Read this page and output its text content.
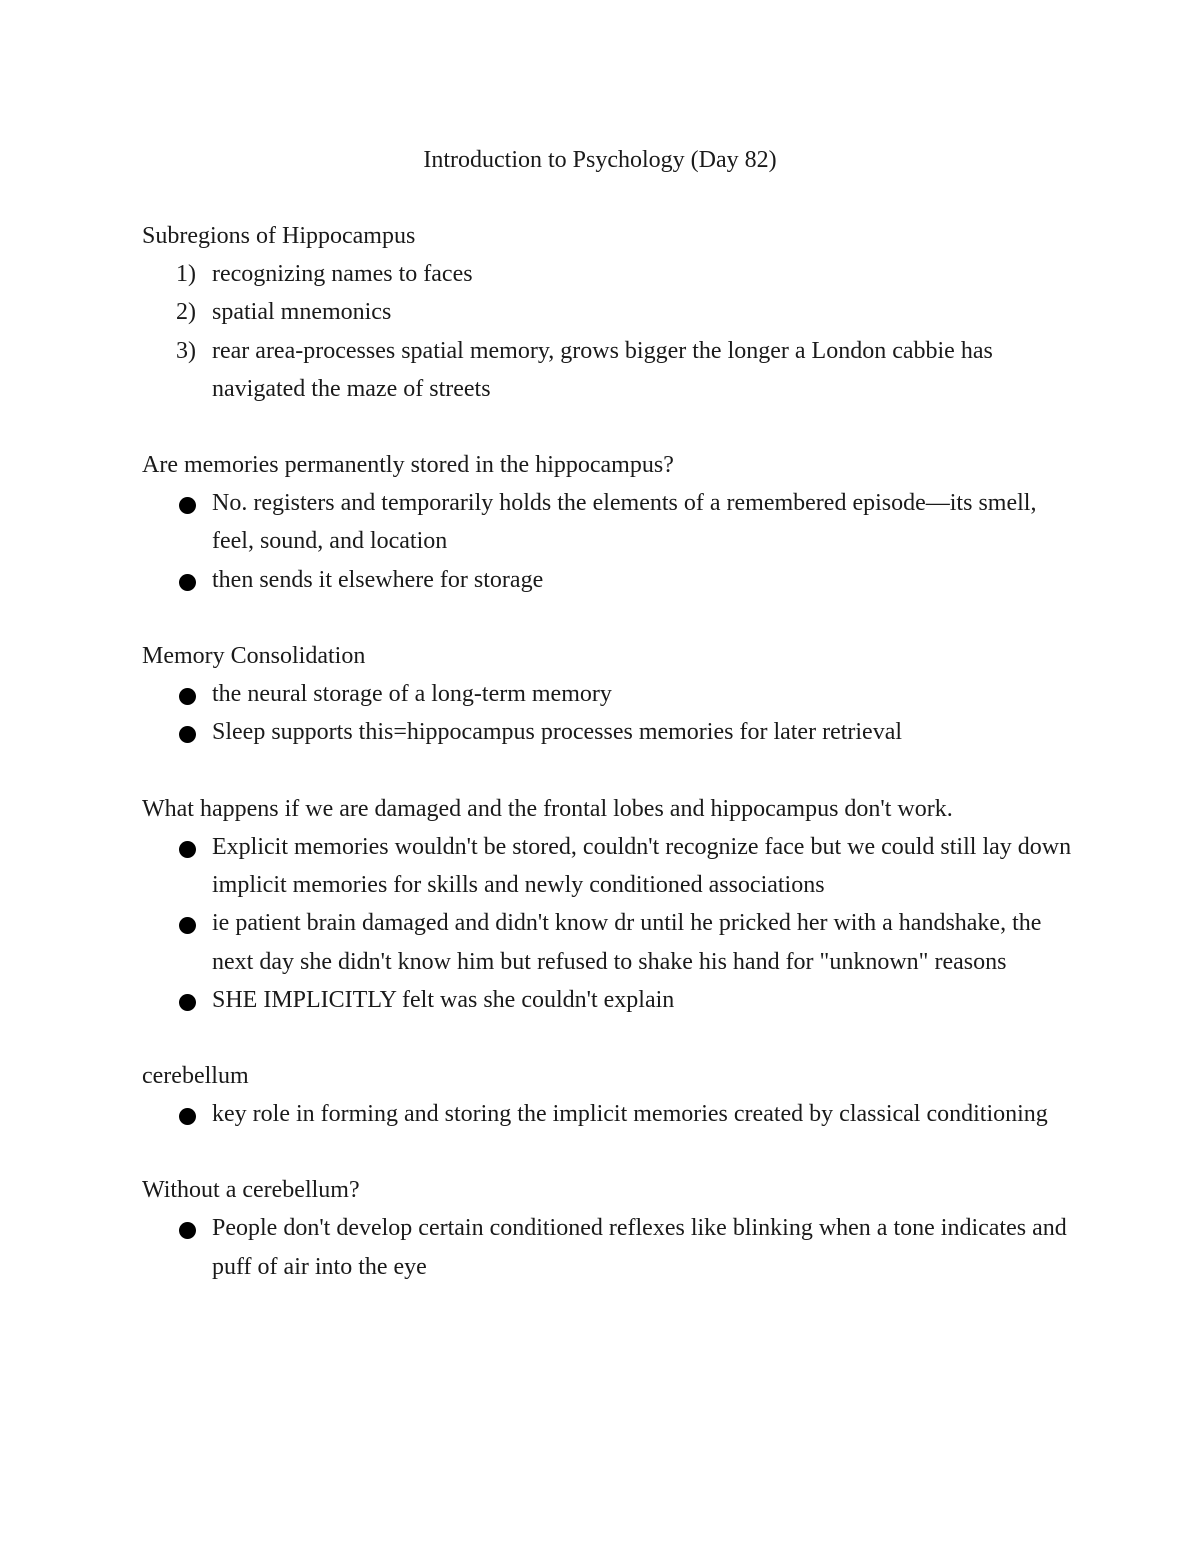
Introduction to Psychology (Day 82)

Subregions of Hippocampus

1) recognizing names to faces
2) spatial mnemonics
3) rear area-processes spatial memory, grows bigger the longer a London cabbie has navigated the maze of streets

Are memories permanently stored in the hippocampus?

No. registers and temporarily holds the elements of a remembered episode—its smell, feel, sound, and location
then sends it elsewhere for storage

Memory Consolidation

the neural storage of a long-term memory
Sleep supports this=hippocampus processes memories for later retrieval

What happens if we are damaged and the frontal lobes and hippocampus don't work.

Explicit memories wouldn't be stored, couldn't recognize face but we could still lay down implicit memories for skills and newly conditioned associations
ie patient brain damaged and didn't know dr until he pricked her with a handshake, the next day she didn't know him but refused to shake his hand for "unknown" reasons
SHE IMPLICITLY felt was she couldn't explain

cerebellum

key role in forming and storing the implicit memories created by classical conditioning

Without a cerebellum?

People don't develop certain conditioned reflexes like blinking when a tone indicates and puff of air into the eye
